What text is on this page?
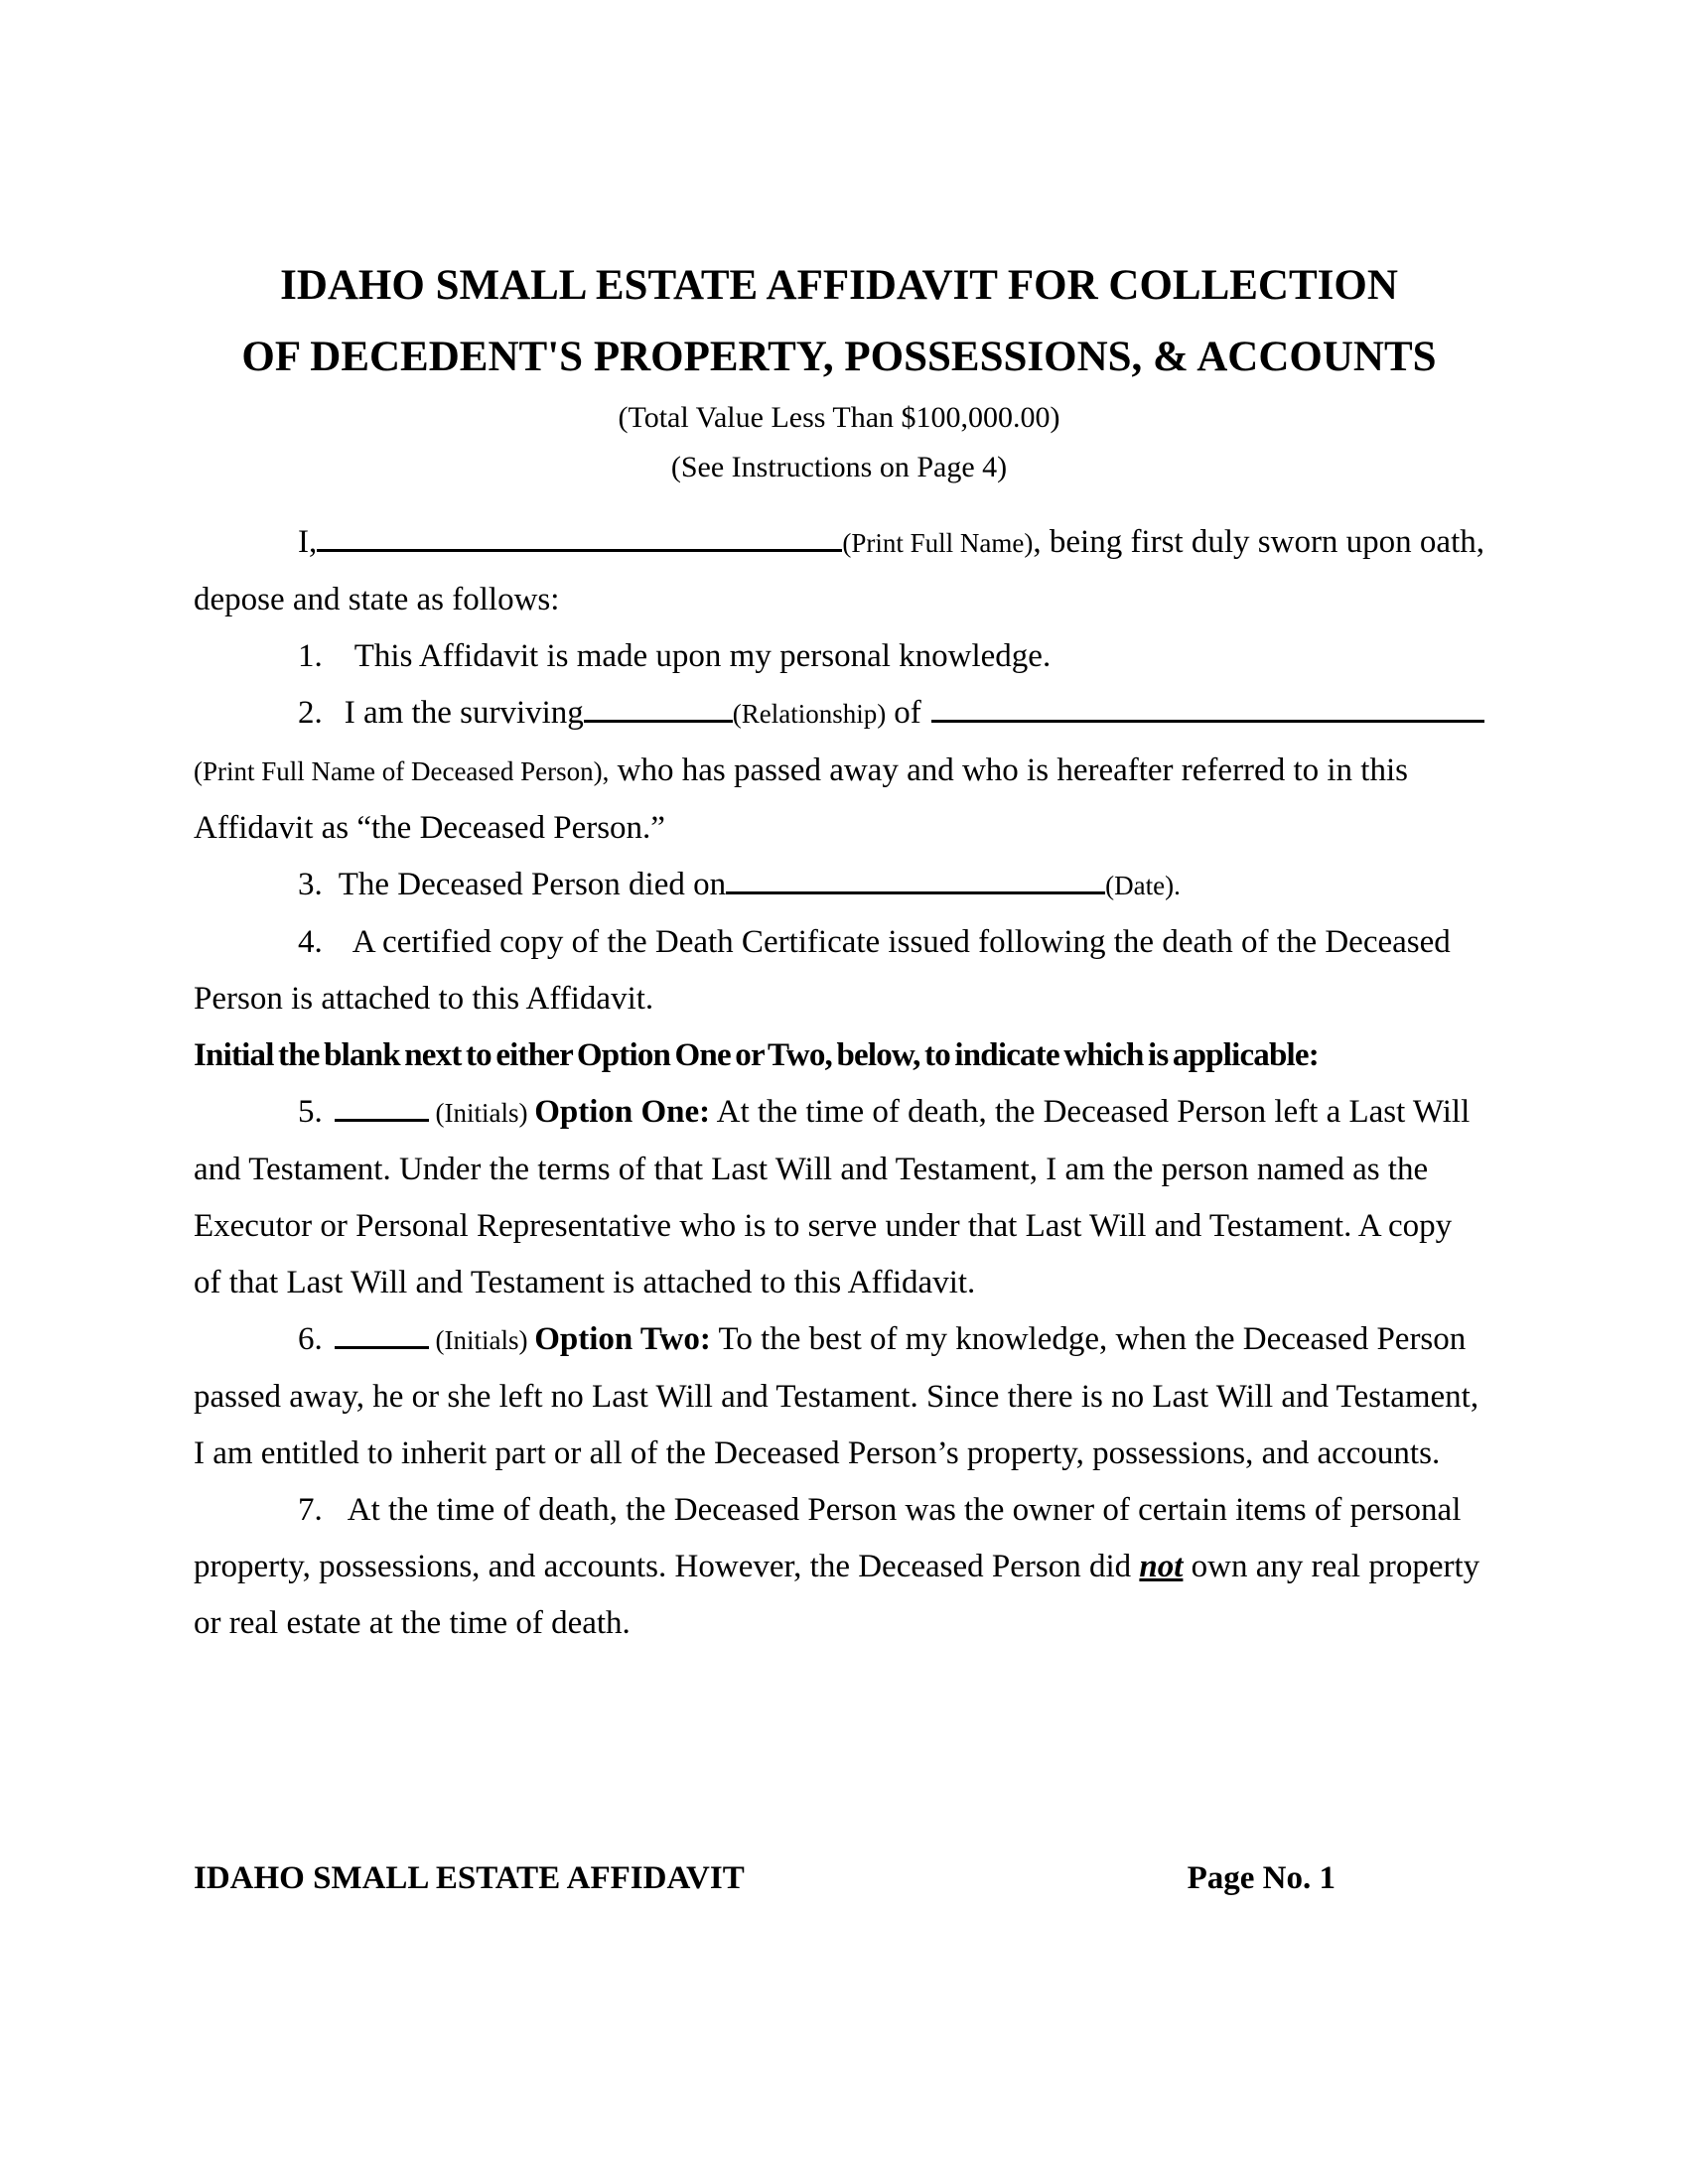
IDAHO SMALL ESTATE AFFIDAVIT FOR COLLECTION
OF DECEDENT'S PROPERTY, POSSESSIONS, & ACCOUNTS

(Total Value Less Than $100,000.00)

(See Instructions on Page 4)

I,	(Print Full Name) , being first duly sworn upon oath,

depose and state as follows:

1. This Affidavit is made upon my personal knowledge.

2. I am the surviving	(Relationship) of

(Print Full Name of Deceased Person), who has passed away and who is hereafter referred to in this Affidavit as “the Deceased Person.”

3. The Deceased Person died on	(Date).

4. A certified copy of the Death Certificate issued following the death of the Deceased Person is attached to this Affidavit.

Initial the blank next to either Option One or Two, below, to indicate which is applicable:

5.	(Initials) Option One: At the time of death, the Deceased Person left a Last Will and Testament. Under the terms of that Last Will and Testament, I am the person named as the Executor or Personal Representative who is to serve under that Last Will and Testament. A copy of that Last Will and Testament is attached to this Affidavit.

6.	(Initials) Option Two: To the best of my knowledge, when the Deceased Person passed away, he or she left no Last Will and Testament. Since there is no Last Will and Testament, I am entitled to inherit part or all of the Deceased Person’s property, possessions, and accounts.

7. At the time of death, the Deceased Person was the owner of certain items of personal property, possessions, and accounts. However, the Deceased Person did not own any real property or real estate at the time of death.

IDAHO SMALL ESTATE AFFIDAVIT	Page No. 1
